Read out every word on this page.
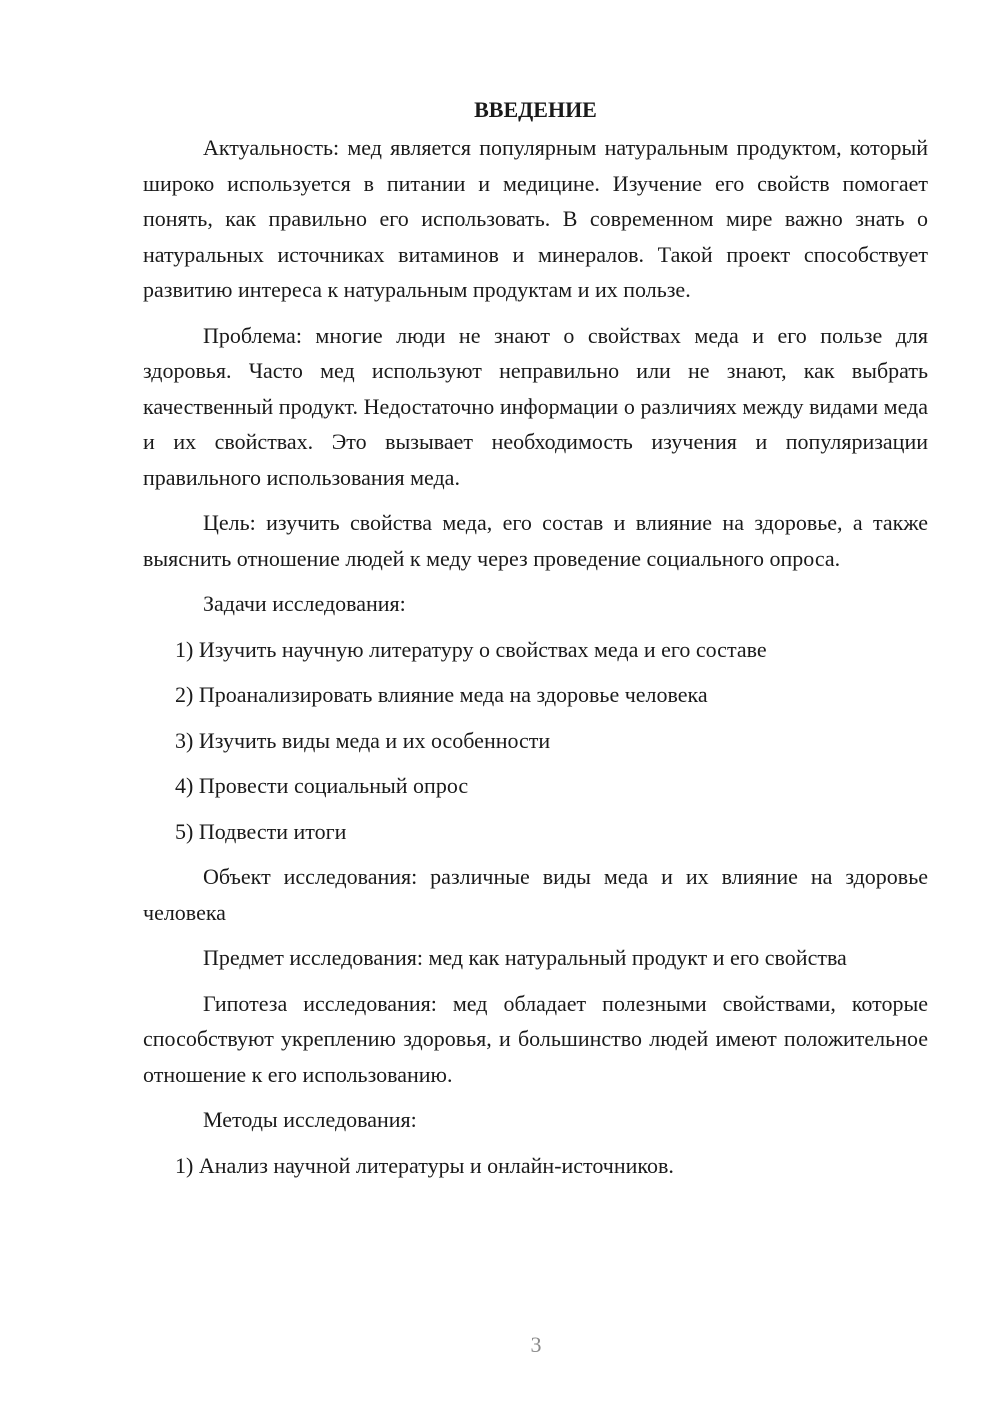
ВВЕДЕНИЕ

Актуальность: мед является популярным натуральным продуктом, который широко используется в питании и медицине. Изучение его свойств помогает понять, как правильно его использовать. В современном мире важно знать о натуральных источниках витаминов и минералов. Такой проект способствует развитию интереса к натуральным продуктам и их пользе.

Проблема: многие люди не знают о свойствах меда и его пользе для здоровья. Часто мед используют неправильно или не знают, как выбрать качественный продукт. Недостаточно информации о различиях между видами меда и их свойствах. Это вызывает необходимость изучения и популяризации правильного использования меда.

Цель: изучить свойства меда, его состав и влияние на здоровье, а также выяснить отношение людей к меду через проведение социального опроса.

Задачи исследования:

1) Изучить научную литературу о свойствах меда и его составе
2) Проанализировать влияние меда на здоровье человека
3) Изучить виды меда и их особенности
4) Провести социальный опрос
5) Подвести итоги

Объект исследования: различные виды меда и их влияние на здоровье человека

Предмет исследования: мед как натуральный продукт и его свойства

Гипотеза исследования: мед обладает полезными свойствами, которые способствуют укреплению здоровья, и большинство людей имеют положительное отношение к его использованию.

Методы исследования:

1) Анализ научной литературы и онлайн-источников.
3
